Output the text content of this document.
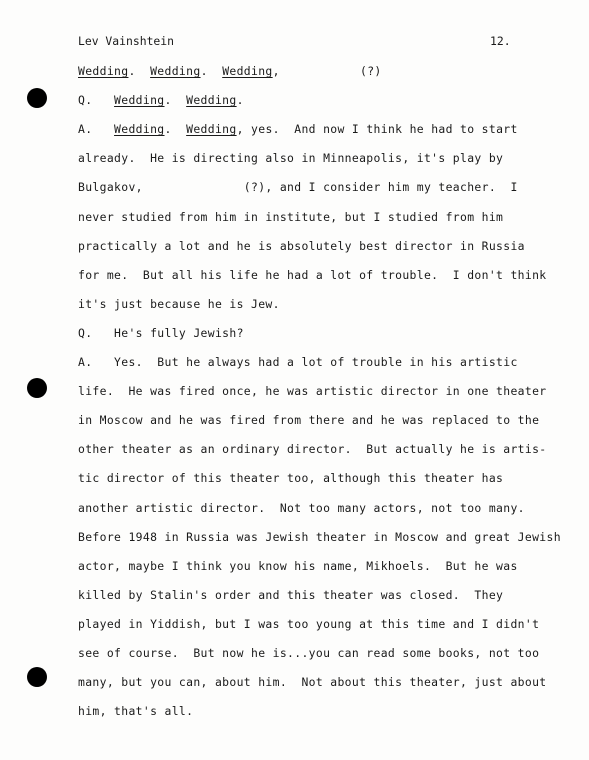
Lev Vainshtein	12.
Wedding.  Wedding.  Wedding,	(?)
Q.   Wedding.  Wedding.
A.   Wedding.  Wedding, yes.  And now I think he had to start
already.  He is directing also in Minneapolis, it's play by
Bulgakov,              (?), and I consider him my teacher.  I
never studied from him in institute, but I studied from him
practically a lot and he is absolutely best director in Russia
for me.  But all his life he had a lot of trouble.  I don't think
it's just because he is Jew.
Q.   He's fully Jewish?
A.   Yes.  But he always had a lot of trouble in his artistic
life.  He was fired once, he was artistic director in one theater
in Moscow and he was fired from there and he was replaced to the
other theater as an ordinary director.  But actually he is artis-
tic director of this theater too, although this theater has
another artistic director.  Not too many actors, not too many.
Before 1948 in Russia was Jewish theater in Moscow and great Jewish
actor, maybe I think you know his name, Mikhoels.  But he was
killed by Stalin's order and this theater was closed.  They
played in Yiddish, but I was too young at this time and I didn't
see of course.  But now he is...you can read some books, not too
many, but you can, about him.  Not about this theater, just about
him, that's all.
